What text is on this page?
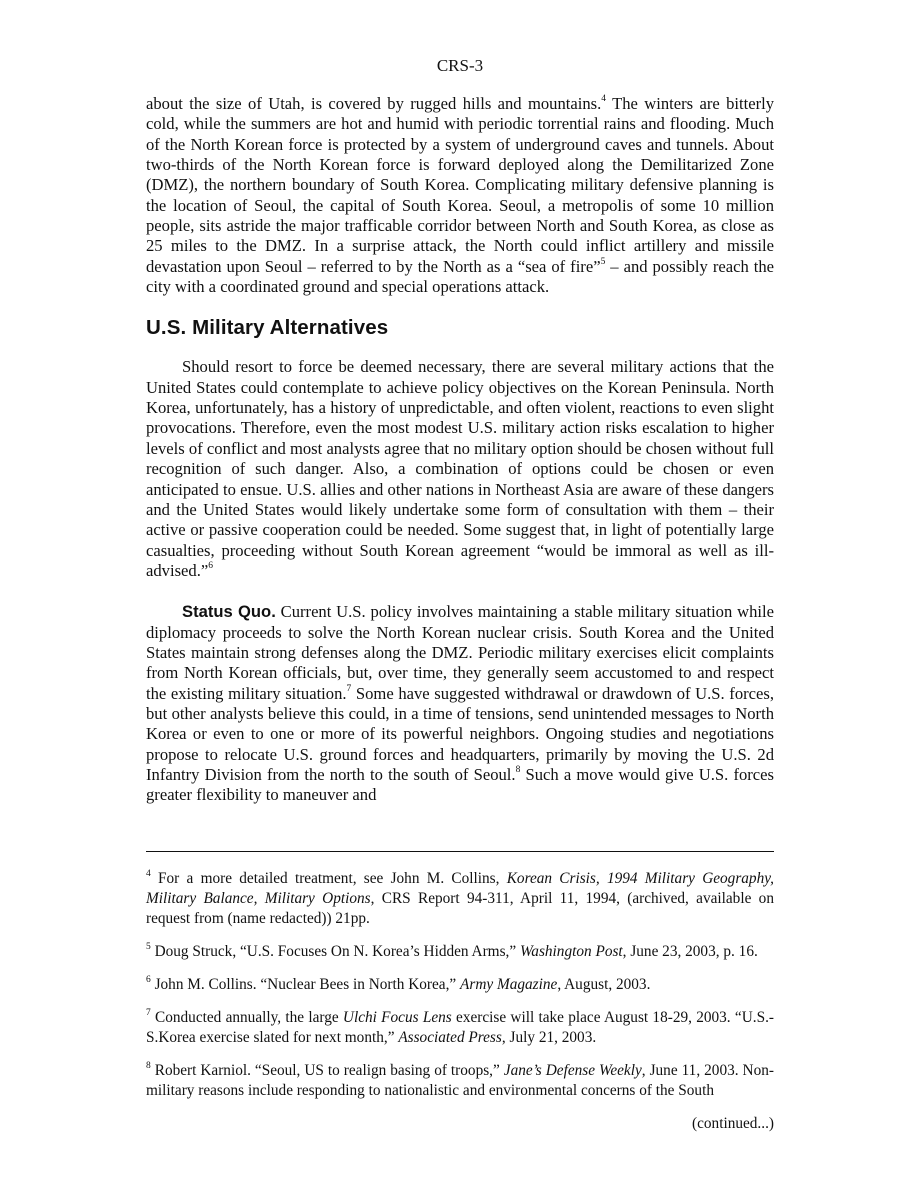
CRS-3

about the size of Utah, is covered by rugged hills and mountains.$^4$ The winters are bitterly cold, while the summers are hot and humid with periodic torrential rains and flooding. Much of the North Korean force is protected by a system of underground caves and tunnels. About two-thirds of the North Korean force is forward deployed along the Demilitarized Zone (DMZ), the northern boundary of South Korea. Complicating military defensive planning is the location of Seoul, the capital of South Korea. Seoul, a metropolis of some 10 million people, sits astride the major trafficable corridor between North and South Korea, as close as 25 miles to the DMZ. In a surprise attack, the North could inflict artillery and missile devastation upon Seoul – referred to by the North as a “sea of fire”$^5$ – and possibly reach the city with a coordinated ground and special operations attack.

U.S. Military Alternatives

Should resort to force be deemed necessary, there are several military actions that the United States could contemplate to achieve policy objectives on the Korean Peninsula. North Korea, unfortunately, has a history of unpredictable, and often violent, reactions to even slight provocations. Therefore, even the most modest U.S. military action risks escalation to higher levels of conflict and most analysts agree that no military option should be chosen without full recognition of such danger. Also, a combination of options could be chosen or even anticipated to ensue. U.S. allies and other nations in Northeast Asia are aware of these dangers and the United States would likely undertake some form of consultation with them – their active or passive cooperation could be needed. Some suggest that, in light of potentially large casualties, proceeding without South Korean agreement “would be immoral as well as ill-advised.”$^6$

Status Quo. Current U.S. policy involves maintaining a stable military situation while diplomacy proceeds to solve the North Korean nuclear crisis. South Korea and the United States maintain strong defenses along the DMZ. Periodic military exercises elicit complaints from North Korean officials, but, over time, they generally seem accustomed to and respect the existing military situation.$^7$ Some have suggested withdrawal or drawdown of U.S. forces, but other analysts believe this could, in a time of tensions, send unintended messages to North Korea or even to one or more of its powerful neighbors. Ongoing studies and negotiations propose to relocate U.S. ground forces and headquarters, primarily by moving the U.S. 2d Infantry Division from the north to the south of Seoul.$^8$ Such a move would give U.S. forces greater flexibility to maneuver and

$^4$ For a more detailed treatment, see John M. Collins, Korean Crisis, 1994 Military Geography, Military Balance, Military Options, CRS Report 94-311, April 11, 1994, (archived, available on request from (name redacted)) 21pp.

$^5$ Doug Struck, “U.S. Focuses On N. Korea’s Hidden Arms,” Washington Post, June 23, 2003, p. 16.

$^6$ John M. Collins. “Nuclear Bees in North Korea,” Army Magazine, August, 2003.

$^7$ Conducted annually, the large Ulchi Focus Lens exercise will take place August 18-29, 2003. “U.S.-S.Korea exercise slated for next month,” Associated Press, July 21, 2003.

$^8$ Robert Karniol. “Seoul, US to realign basing of troops,” Jane’s Defense Weekly, June 11, 2003. Non-military reasons include responding to nationalistic and environmental concerns of the South

(continued...)
